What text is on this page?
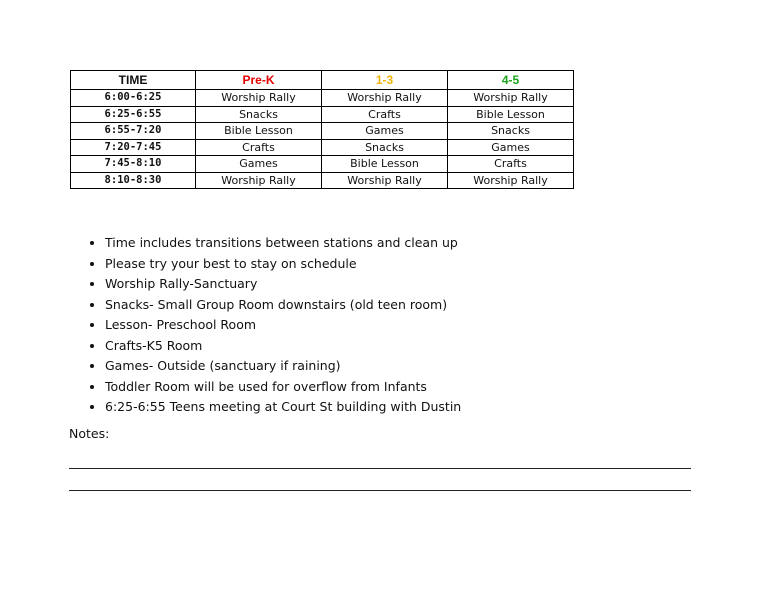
TIME	Pre-K	1-3	4-5
6:00-6:25	Worship Rally	Worship Rally	Worship Rally
6:25-6:55	Snacks	Crafts	Bible Lesson
6:55-7:20	Bible Lesson	Games	Snacks
7:20-7:45	Crafts	Snacks	Games
7:45-8:10	Games	Bible Lesson	Crafts
8:10-8:30	Worship Rally	Worship Rally	Worship Rally
• Time includes transitions between stations and clean up
• Please try your best to stay on schedule
• Worship Rally-Sanctuary
• Snacks- Small Group Room downstairs (old teen room)
• Lesson- Preschool Room
• Crafts-K5 Room
• Games- Outside (sanctuary if raining)
• Toddler Room will be used for overflow from Infants
• 6:25-6:55 Teens meeting at Court St building with Dustin
Notes:
